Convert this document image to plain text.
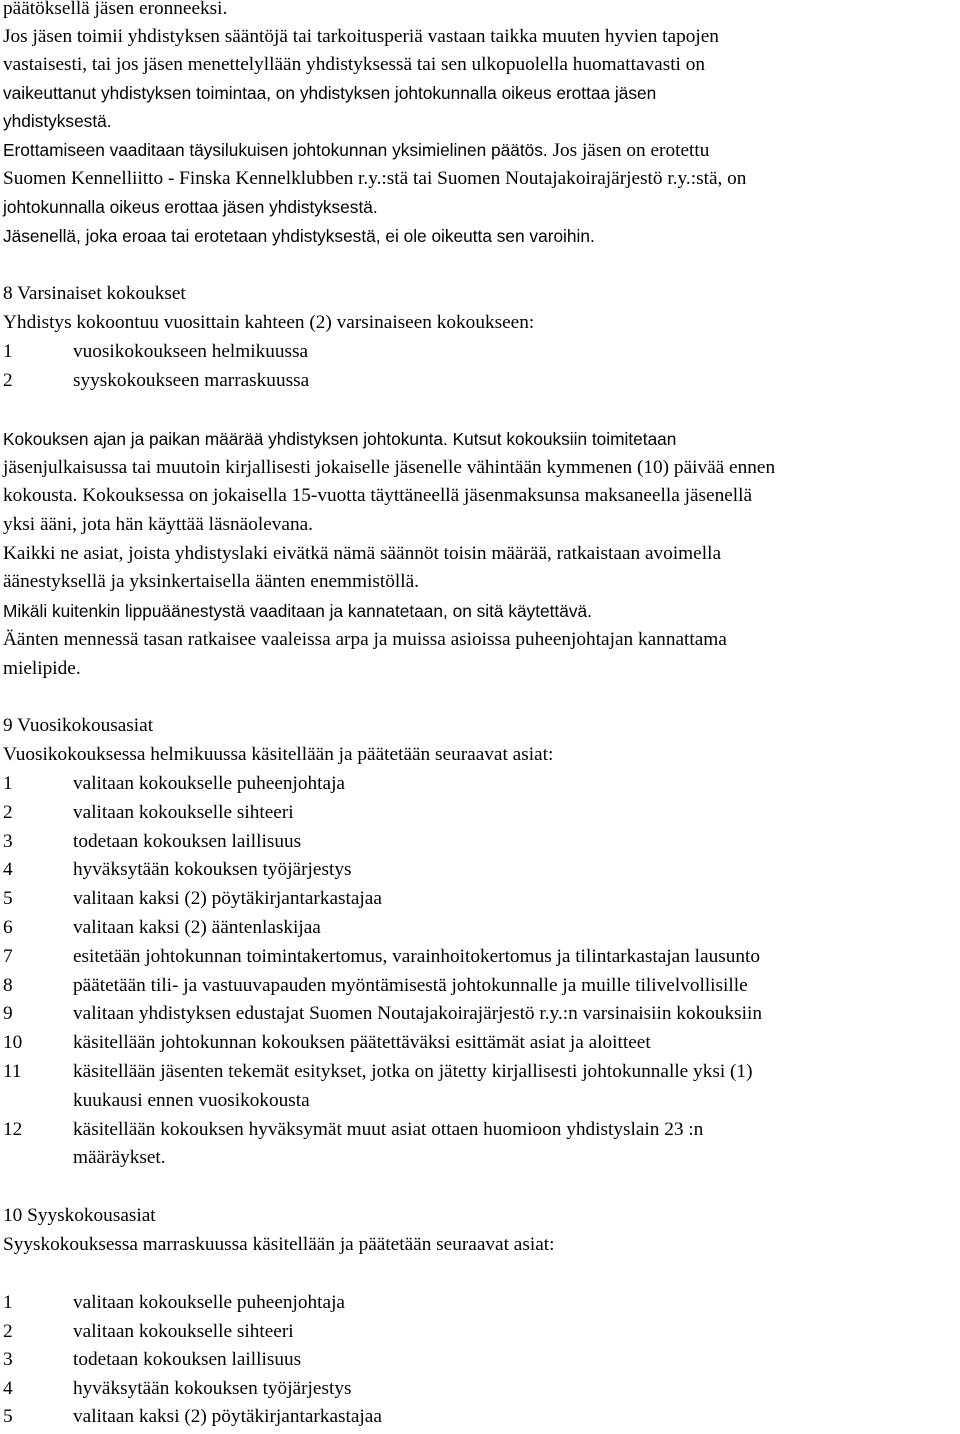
päätöksellä jäsen eronneeksi.
Jos jäsen toimii yhdistyksen sääntöjä tai tarkoitusperiä vastaan taikka muuten hyvien tapojen
vastaisesti, tai jos jäsen menettelyllään yhdistyksessä tai sen ulkopuolella huomattavasti on
vaikeuttanut yhdistyksen toimintaa, on yhdistyksen johtokunnalla oikeus erottaa jäsen
yhdistyksestä.
Erottamiseen vaaditaan täysilukuisen johtokunnan yksimielinen päätös. Jos jäsen on erotettu
Suomen Kennelliitto - Finska Kennelklubben r.y.:stä tai Suomen Noutajakoirajärjestö r.y.:stä, on
johtokunnalla oikeus erottaa jäsen yhdistyksestä.
Jäsenellä, joka eroaa tai erotetaan yhdistyksestä, ei ole oikeutta sen varoihin.
8 Varsinaiset kokoukset
Yhdistys kokoontuu vuosittain kahteen (2) varsinaiseen kokoukseen:
1	vuosikokoukseen helmikuussa
2	syyskokoukseen marraskuussa
Kokouksen ajan ja paikan määrää yhdistyksen johtokunta. Kutsut kokouksiin toimitetaan
jäsenjulkaisussa tai muutoin kirjallisesti jokaiselle jäsenelle vähintään kymmenen (10) päivää ennen
kokousta. Kokouksessa on jokaisella 15-vuotta täyttäneellä jäsenmaksunsa maksaneella jäsenellä
yksi ääni, jota hän käyttää läsnäolevana.
Kaikki ne asiat, joista yhdistyslaki eivätkä nämä säännöt toisin määrää, ratkaistaan avoimella
äänestyksellä ja yksinkertaisella äänten enemmistöllä.
Mikäli kuitenkin lippuäänestystä vaaditaan ja kannatetaan, on sitä käytettävä.
Äänten mennessä tasan ratkaisee vaaleissa arpa ja muissa asioissa puheenjohtajan kannattama
mielipide.
9 Vuosikokousasiat
Vuosikokouksessa helmikuussa käsitellään ja päätetään seuraavat asiat:
1	valitaan kokoukselle puheenjohtaja
2	valitaan kokoukselle sihteeri
3	todetaan kokouksen laillisuus
4	hyväksytään kokouksen työjärjestys
5	valitaan kaksi (2) pöytäkirjantarkastajaa
6	valitaan kaksi (2) ääntenlaskijaa
7	esitetään johtokunnan toimintakertomus, varainhoitokertomus ja tilintarkastajan lausunto
8	päätetään tili- ja vastuuvapauden myöntämisestä johtokunnalle ja muille tilivelvollisille
9	valitaan yhdistyksen edustajat Suomen Noutajakoirajärjestö r.y.:n varsinaisiin kokouksiin
10	käsitellään johtokunnan kokouksen päätettäväksi esittämät asiat ja aloitteet
11	käsitellään jäsenten tekemät esitykset, jotka on jätetty kirjallisesti johtokunnalle yksi (1)
kuukausi ennen vuosikokousta
12	käsitellään kokouksen hyväksymät muut asiat ottaen huomioon yhdistyslain 23 :n
määräykset.
10 Syyskokousasiat
Syyskokouksessa marraskuussa käsitellään ja päätetään seuraavat asiat:
1	valitaan kokoukselle puheenjohtaja
2	valitaan kokoukselle sihteeri
3	todetaan kokouksen laillisuus
4	hyväksytään kokouksen työjärjestys
5	valitaan kaksi (2) pöytäkirjantarkastajaa
